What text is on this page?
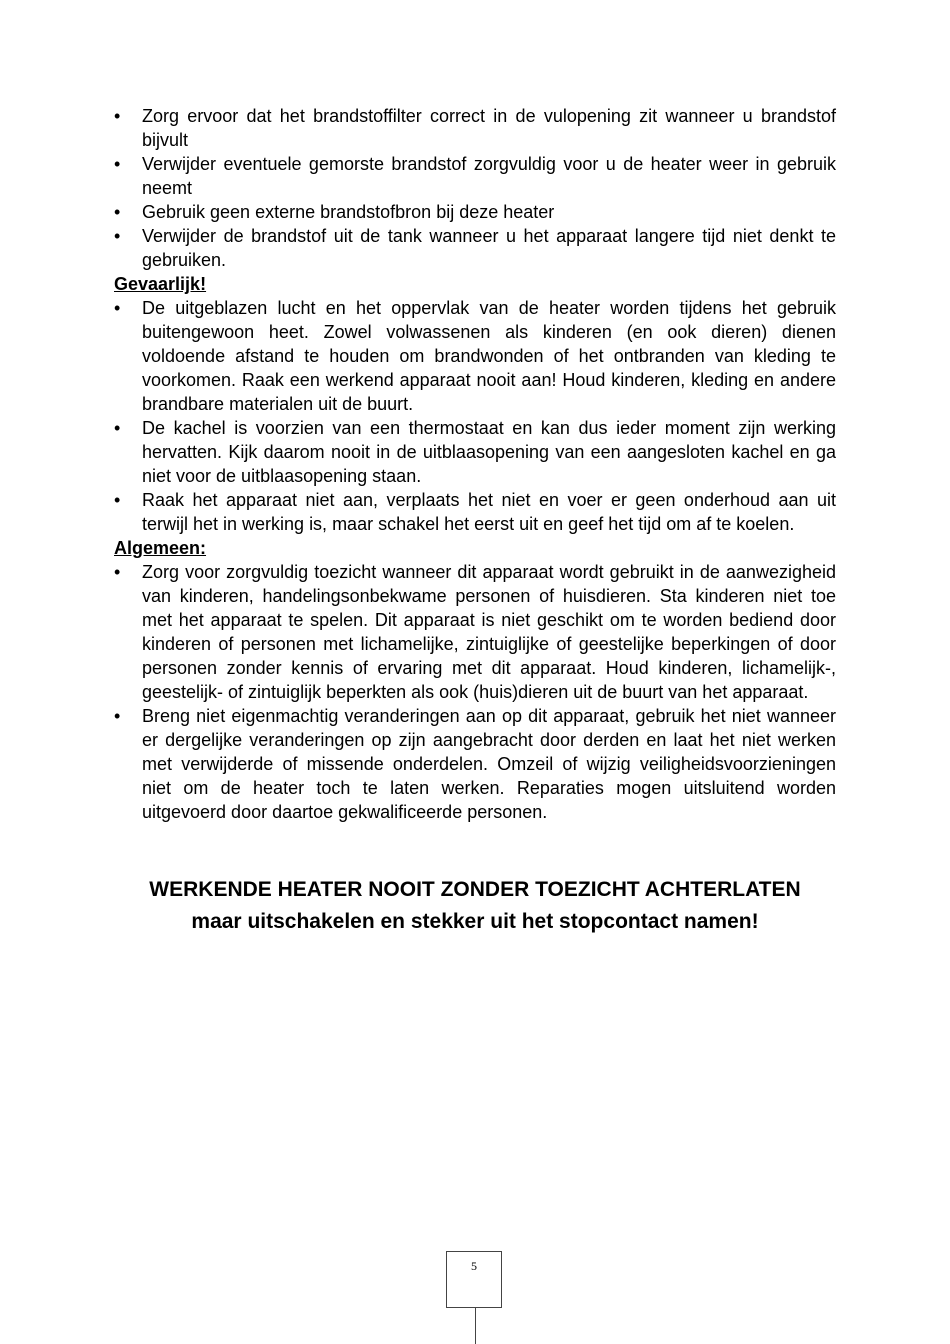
•	Zorg ervoor dat het brandstoffilter correct in de vulopening zit wanneer u brandstof bijvult
•	Verwijder eventuele gemorste brandstof zorgvuldig voor u de heater weer in gebruik neemt
•	Gebruik geen externe brandstofbron bij deze heater
•	Verwijder de brandstof uit de tank wanneer u het apparaat langere tijd niet denkt te gebruiken.

Gevaarlijk!

•	De uitgeblazen lucht en het oppervlak van de heater worden tijdens het gebruik buitengewoon heet. Zowel volwassenen als kinderen (en ook dieren) dienen voldoende afstand te houden om brandwonden of het ontbranden van kleding te voorkomen. Raak een werkend apparaat nooit aan! Houd kinderen, kleding en andere brandbare materialen uit de buurt.
•	De kachel is voorzien van een thermostaat en kan dus ieder moment zijn werking hervatten. Kijk daarom nooit in de uitblaasopening van een aangesloten kachel en ga niet voor de uitblaasopening staan.
•	Raak het apparaat niet aan, verplaats het niet en voer er geen onderhoud aan uit terwijl het in werking is, maar schakel het eerst uit en geef het tijd om af te koelen.

Algemeen:

•	Zorg voor zorgvuldig toezicht wanneer dit apparaat wordt gebruikt in de aanwezigheid van kinderen, handelingsonbekwame personen of huisdieren. Sta kinderen niet toe met het apparaat te spelen. Dit apparaat is niet geschikt om te worden bediend door kinderen of personen met lichamelijke, zintuiglijke of geestelijke beperkingen of door personen zonder kennis of ervaring met dit apparaat. Houd kinderen, lichamelijk-, geestelijk- of zintuiglijk beperkten als ook (huis)dieren uit de buurt van het apparaat.
•	Breng niet eigenmachtig veranderingen aan op dit apparaat, gebruik het niet wanneer er dergelijke veranderingen op zijn aangebracht door derden en laat het niet werken met verwijderde of missende onderdelen. Omzeil of wijzig veiligheidsvoorzieningen niet om de heater toch te laten werken. Reparaties mogen uitsluitend worden uitgevoerd door daartoe gekwalificeerde personen.
WERKENDE HEATER NOOIT ZONDER TOEZICHT ACHTERLATEN
maar uitschakelen en stekker uit het stopcontact namen!
5
